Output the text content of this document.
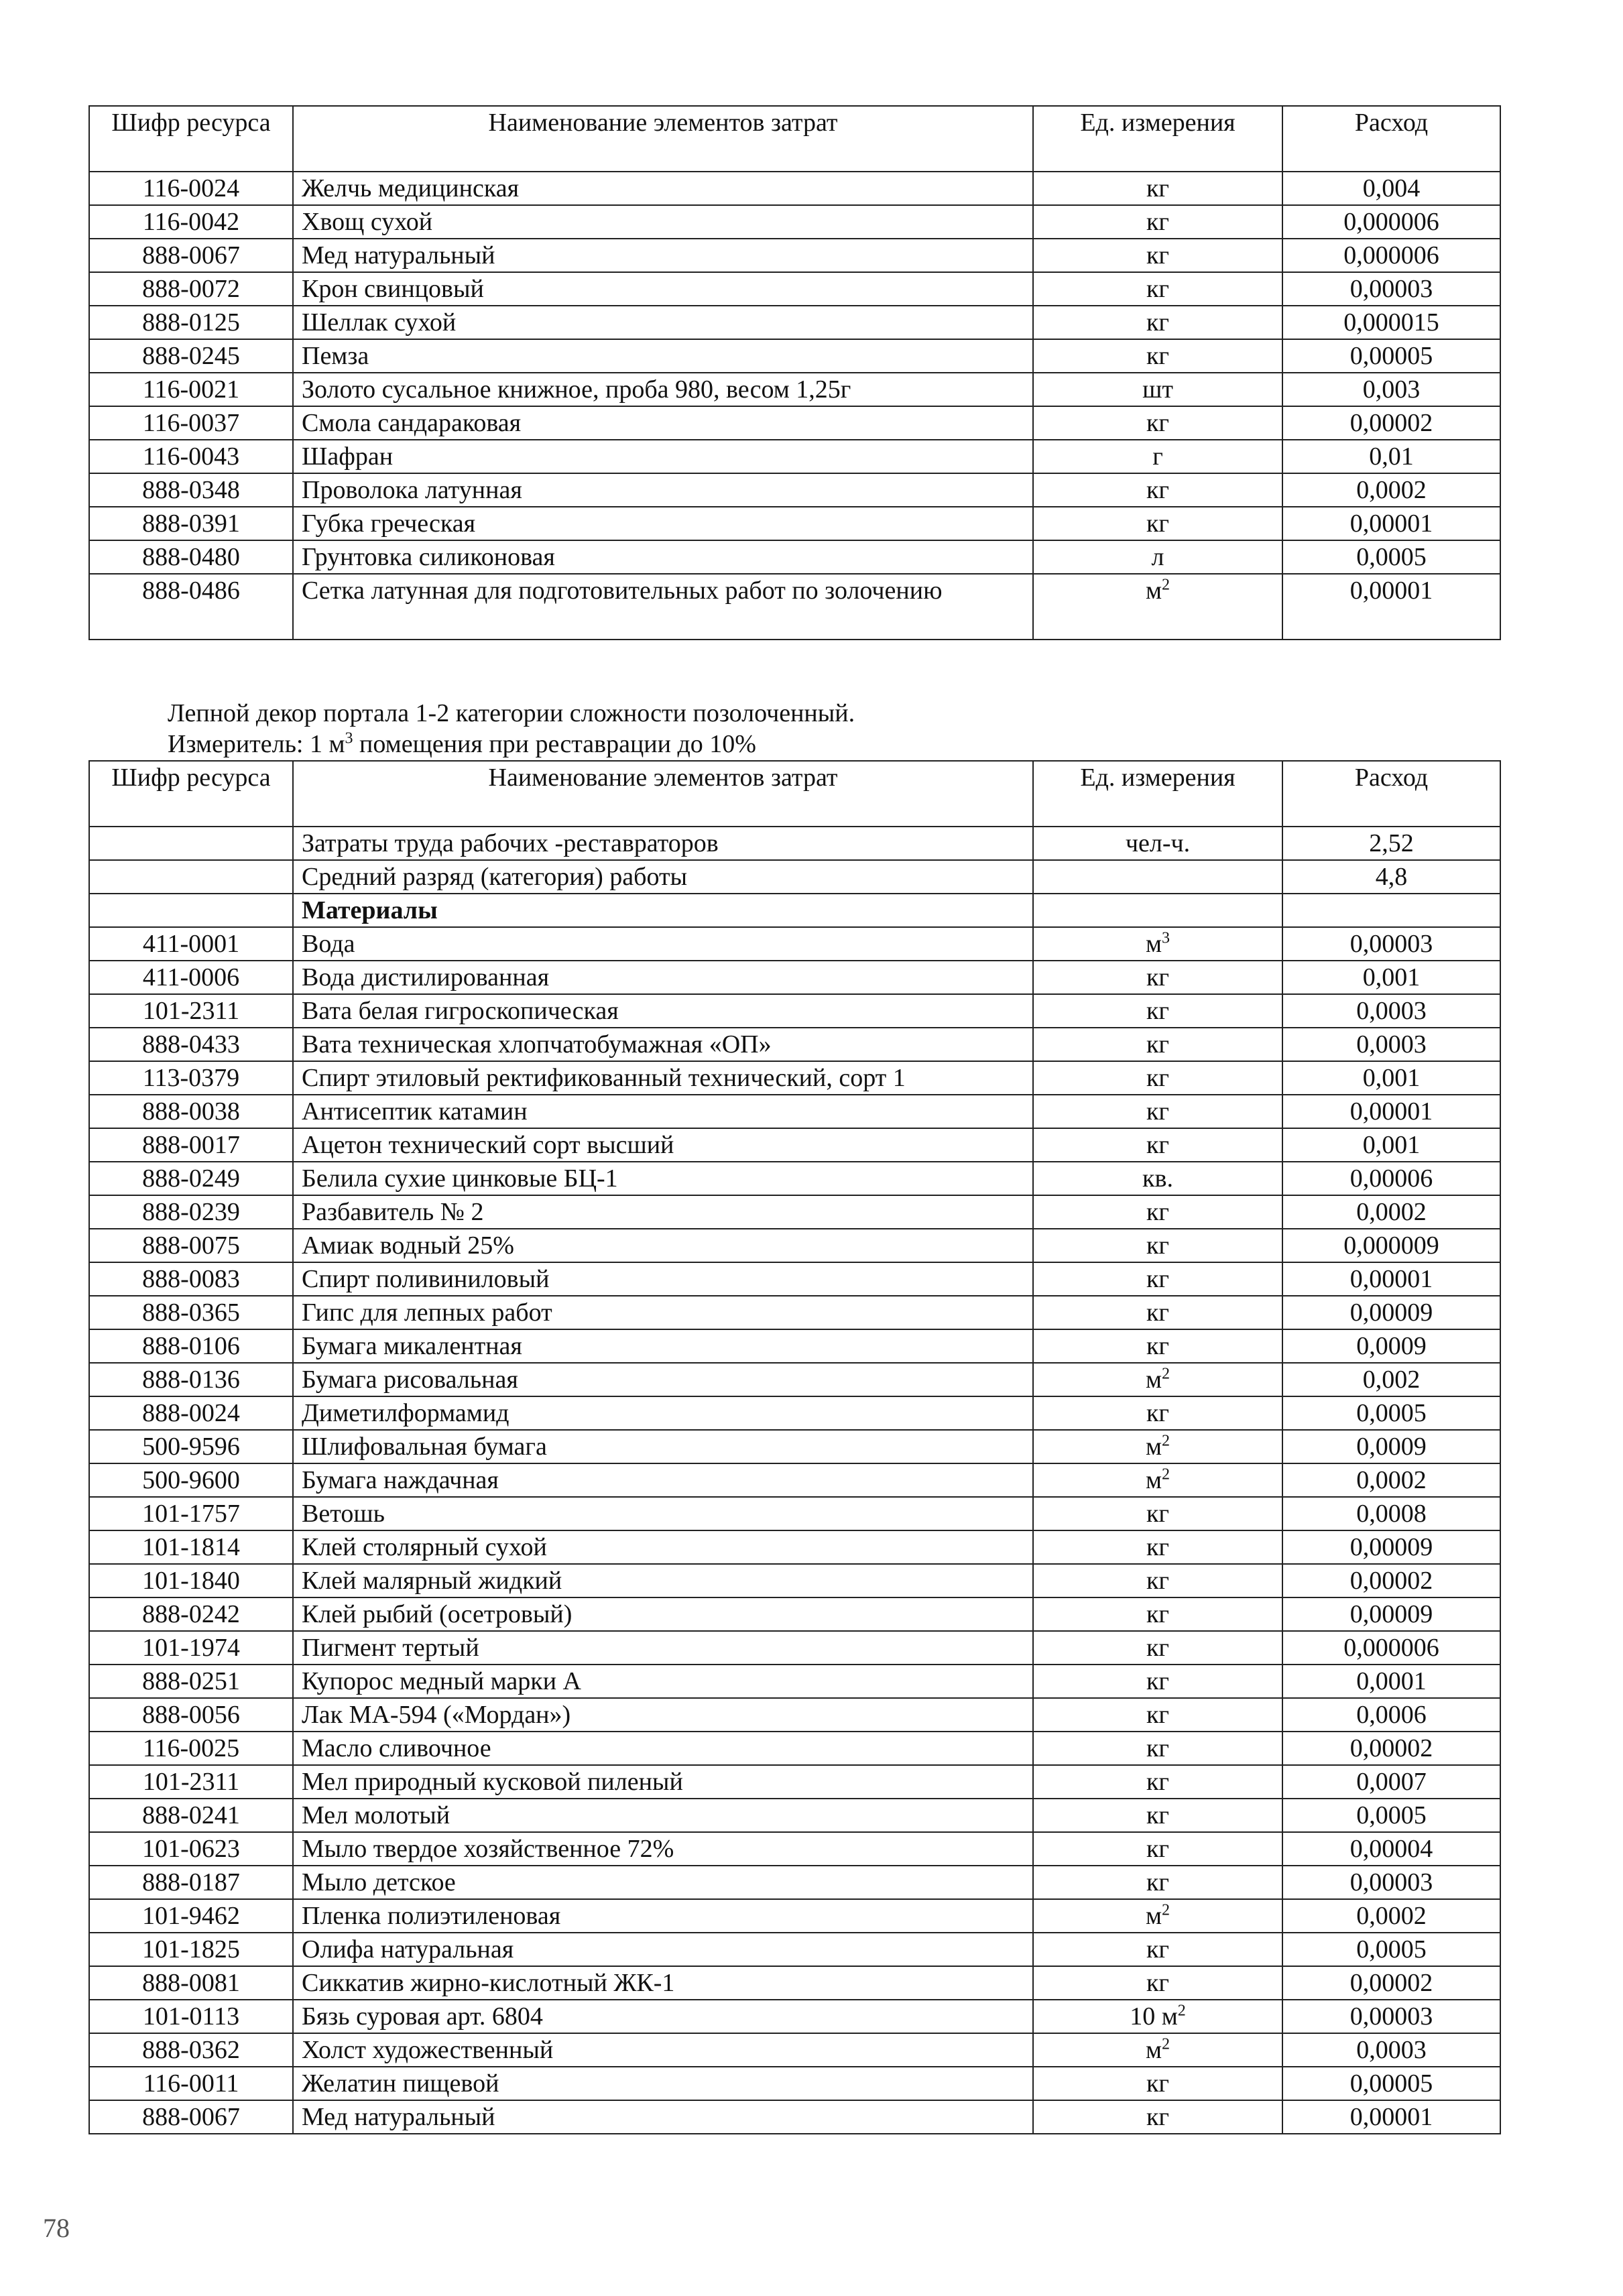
Шифр ресурса	Наименование элементов затрат	Ед. измерения	Расход
116-0024	Желчь медицинская	кг	0,004
116-0042	Хвощ сухой	кг	0,000006
888-0067	Мед натуральный	кг	0,000006
888-0072	Крон свинцовый	кг	0,00003
888-0125	Шеллак сухой	кг	0,000015
888-0245	Пемза	кг	0,00005
116-0021	Золото сусальное книжное, проба 980, весом 1,25г	шт	0,003
116-0037	Смола сандараковая	кг	0,00002
116-0043	Шафран	г	0,01
888-0348	Проволока латунная	кг	0,0002
888-0391	Губка греческая	кг	0,00001
888-0480	Грунтовка силиконовая	л	0,0005
888-0486	Сетка латунная для подготовительных работ по золочению	$м^2$	0,00001
Лепной декор портала 1-2 категории сложности позолоченный.
Измеритель: 1 $м^3$ помещения при реставрации до 10%
Шифр ресурса	Наименование элементов затрат	Ед. измерения	Расход
	Затраты труда рабочих -реставраторов	чел-ч.	2,52
	Средний разряд (категория) работы		4,8
	Материалы		
411-0001	Вода	$м^3$	0,00003
411-0006	Вода дистилированная	кг	0,001
101-2311	Вата белая гигроскопическая	кг	0,0003
888-0433	Вата техническая хлопчатобумажная «ОП»	кг	0,0003
113-0379	Спирт этиловый ректификованный технический, сорт 1	кг	0,001
888-0038	Антисептик катамин	кг	0,00001
888-0017	Ацетон технический сорт высший	кг	0,001
888-0249	Белила сухие цинковые БЦ-1	кв.	0,00006
888-0239	Разбавитель № 2	кг	0,0002
888-0075	Амиак водный 25%	кг	0,000009
888-0083	Спирт поливиниловый	кг	0,00001
888-0365	Гипс для лепных работ	кг	0,00009
888-0106	Бумага микалентная	кг	0,0009
888-0136	Бумага рисовальная	$м^2$	0,002
888-0024	Диметилформамид	кг	0,0005
500-9596	Шлифовальная бумага	$м^2$	0,0009
500-9600	Бумага наждачная	$м^2$	0,0002
101-1757	Ветошь	кг	0,0008
101-1814	Клей столярный сухой	кг	0,00009
101-1840	Клей малярный жидкий	кг	0,00002
888-0242	Клей рыбий (осетровый)	кг	0,00009
101-1974	Пигмент тертый	кг	0,000006
888-0251	Купорос медный марки А	кг	0,0001
888-0056	Лак МА-594 («Мордан»)	кг	0,0006
116-0025	Масло сливочное	кг	0,00002
101-2311	Мел природный кусковой пиленый	кг	0,0007
888-0241	Мел молотый	кг	0,0005
101-0623	Мыло твердое хозяйственное 72%	кг	0,00004
888-0187	Мыло детское	кг	0,00003
101-9462	Пленка полиэтиленовая	$м^2$	0,0002
101-1825	Олифа натуральная	кг	0,0005
888-0081	Сиккатив жирно-кислотный ЖК-1	кг	0,00002
101-0113	Бязь суровая арт. 6804	10 $м^2$	0,00003
888-0362	Холст художественный	$м^2$	0,0003
116-0011	Желатин пищевой	кг	0,00005
888-0067	Мед натуральный	кг	0,00001
78
